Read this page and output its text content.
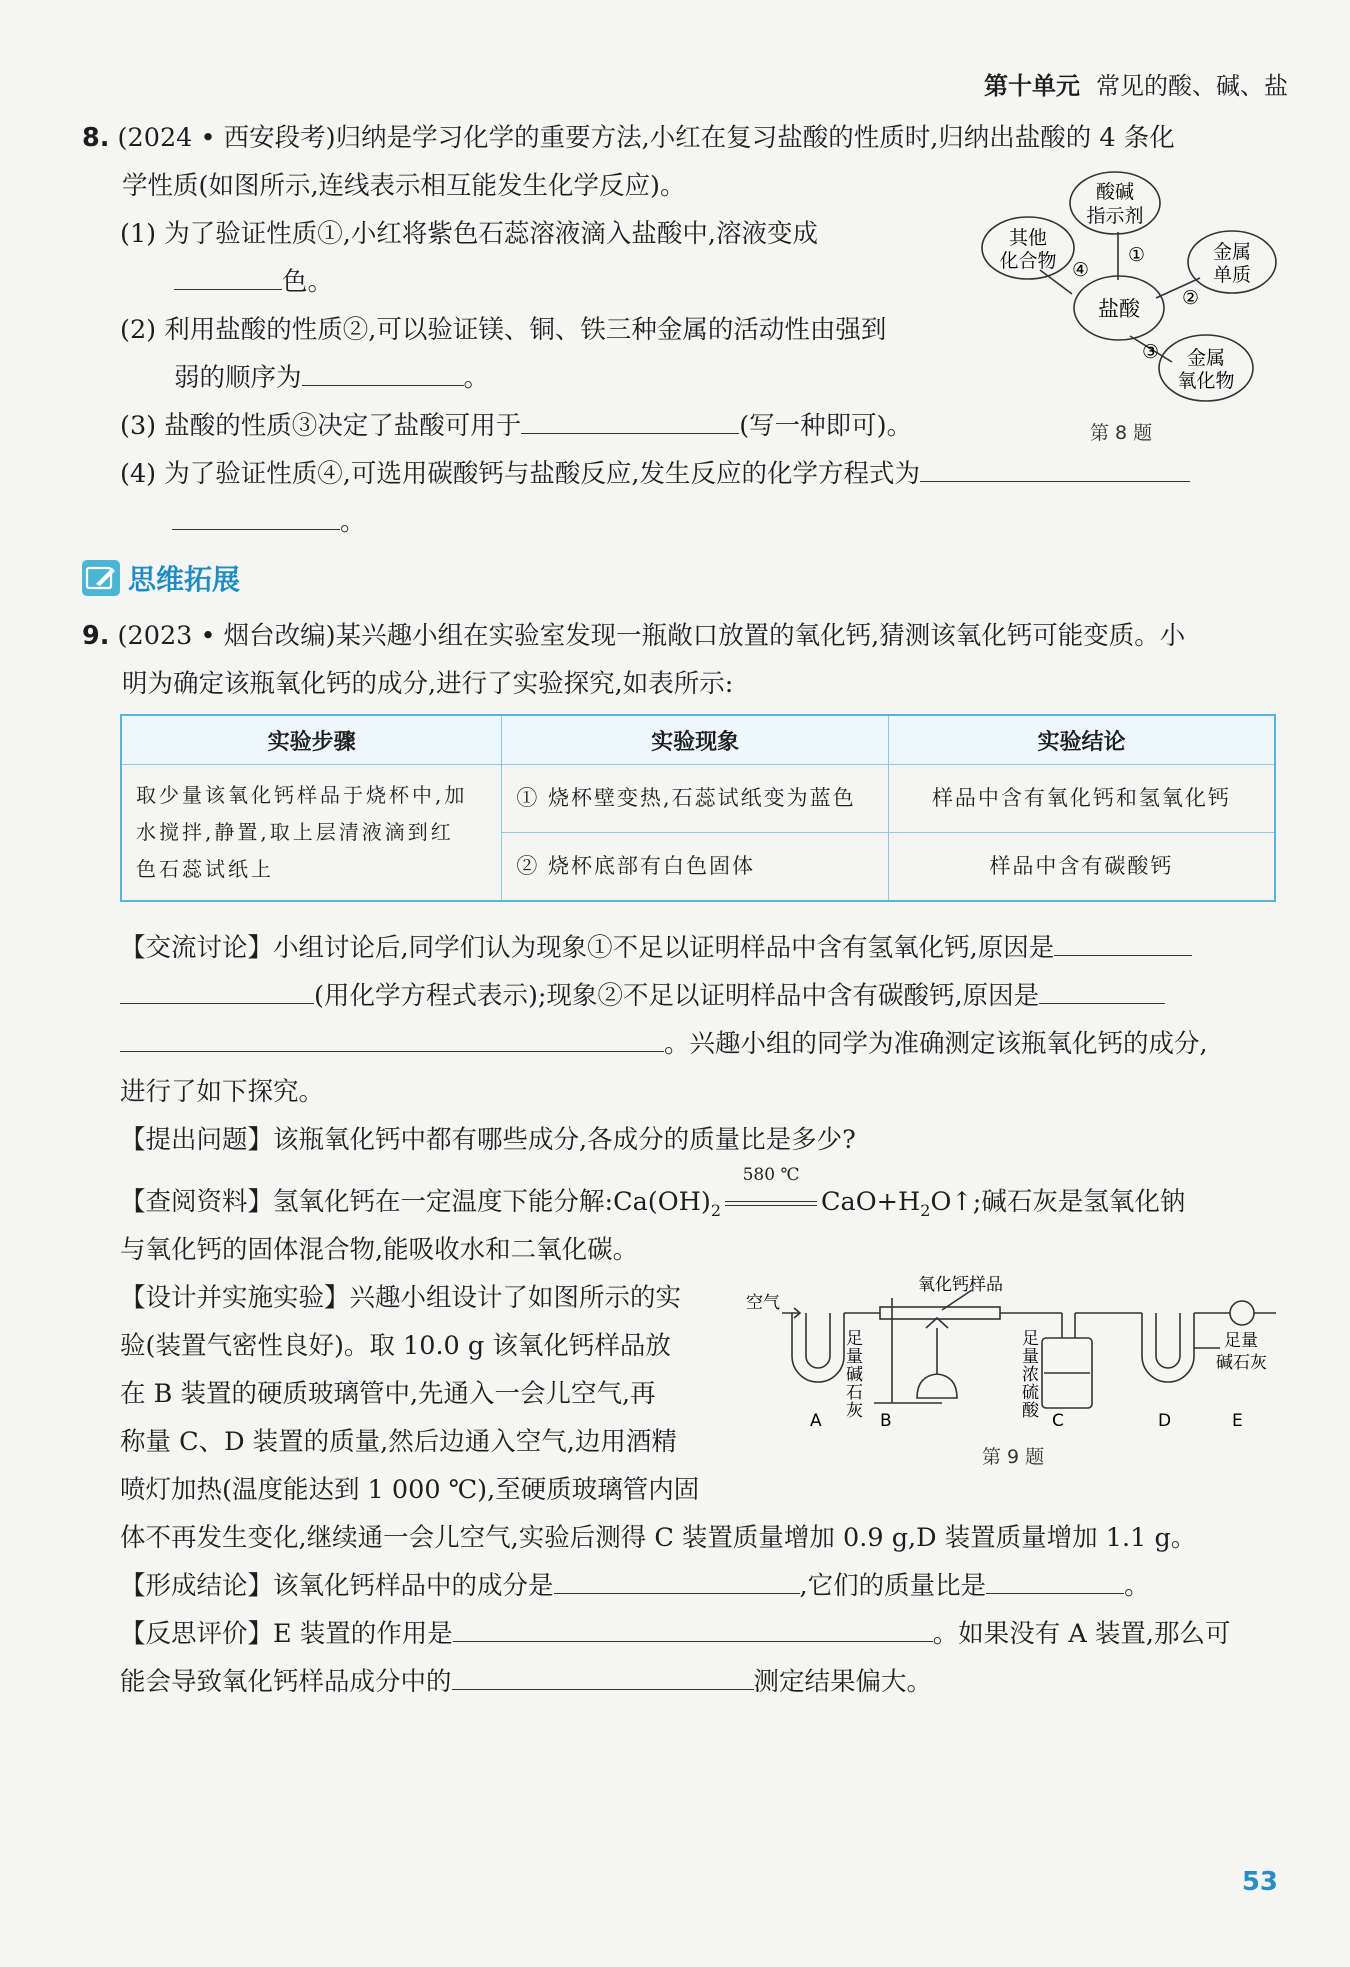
第十单元 常见的酸、碱、盐
8. (2024 • 西安段考)归纳是学习化学的重要方法,小红在复习盐酸的性质时,归纳出盐酸的 4 条化
学性质(如图所示,连线表示相互能发生化学反应)。
(1) 为了验证性质①,小红将紫色石蕊溶液滴入盐酸中,溶液变成
色。
(2) 利用盐酸的性质②,可以验证镁、铜、铁三种金属的活动性由强到
弱的顺序为	。
(3) 盐酸的性质③决定了盐酸可用于	(写一种即可)。
(4) 为了验证性质④,可选用碳酸钙与盐酸反应,发生反应的化学方程式为
。
酸碱
指示剂
其他
化合物	金属
单质
盐酸
金属
氧化物
①
②
③
④
第 8 题
思维拓展
9. (2023 • 烟台改编)某兴趣小组在实验室发现一瓶敞口放置的氧化钙,猜测该氧化钙可能变质。小
明为确定该瓶氧化钙的成分,进行了实验探究,如表所示:
实验步骤	实验现象	实验结论

取少量该氧化钙样品于烧杯中,加
水搅拌,静置,取上层清液滴到红
色石蕊试纸上	① 烧杯壁变热,石蕊试纸变为蓝色	样品中含有氧化钙和氢氧化钙
	② 烧杯底部有白色固体	样品中含有碳酸钙
【交流讨论】小组讨论后,同学们认为现象①不足以证明样品中含有氢氧化钙,原因是
(用化学方程式表示);现象②不足以证明样品中含有碳酸钙,原因是
。兴趣小组的同学为准确测定该瓶氧化钙的成分,
进行了如下探究。
【提出问题】该瓶氧化钙中都有哪些成分,各成分的质量比是多少?
【查阅资料】氢氧化钙在一定温度下能分解$:Ca(OH)_2$
580 ℃
$CaO+H_2O↑$;碱石灰是氢氧化钠
与氧化钙的固体混合物,能吸收水和二氧化碳。
【设计并实施实验】兴趣小组设计了如图所示的实
验(装置气密性良好)。取 10.0 g 该氧化钙样品放
在 B 装置的硬质玻璃管中,先通入一会儿空气,再
称量 C、D 装置的质量,然后边通入空气,边用酒精
喷灯加热(温度能达到 1 000 ℃),至硬质玻璃管内固
体不再发生变化,继续通一会儿空气,实验后测得 C 装置质量增加 0.9 g,D 装置质量增加 1.1 g。
空气
氧化钙样品
B
A
足
量
碱
石
灰
足
量
浓
硫
酸 C	D
足量
碱石灰
E
第 9 题
【形成结论】该氧化钙样品中的成分是	,它们的质量比是	。
【反思评价】E 装置的作用是	。如果没有 A 装置,那么可
能会导致氧化钙样品成分中的	测定结果偏大。
53
